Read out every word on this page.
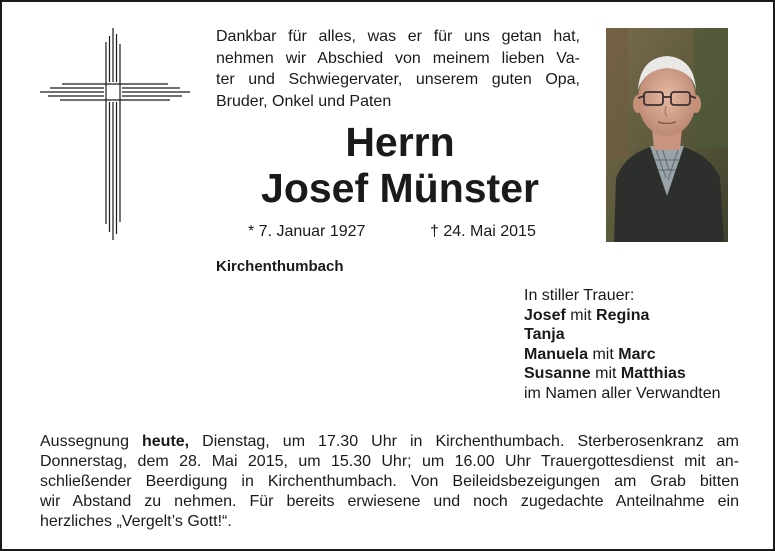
Dankbar für alles, was er für uns getan hat,
nehmen wir Abschied von meinem lieben Va-
ter und Schwiegervater, unserem guten Opa,
Bruder, Onkel und Paten
Herrn
Josef Münster
* 7. Januar 1927	† 24. Mai 2015
Kirchenthumbach
In stiller Trauer:
Josef mit Regina
Tanja
Manuela mit Marc
Susanne mit Matthias
im Namen aller Verwandten
Aussegnung heute, Dienstag, um 17.30 Uhr in Kirchenthumbach. Sterberosenkranz am
Donnerstag, dem 28. Mai 2015, um 15.30 Uhr; um 16.00 Uhr Trauergottesdienst mit an-
schließender Beerdigung in Kirchenthumbach. Von Beileidsbezeigungen am Grab bitten
wir Abstand zu nehmen. Für bereits erwiesene und noch zugedachte Anteilnahme ein
herzliches „Vergelt’s Gott!“.
